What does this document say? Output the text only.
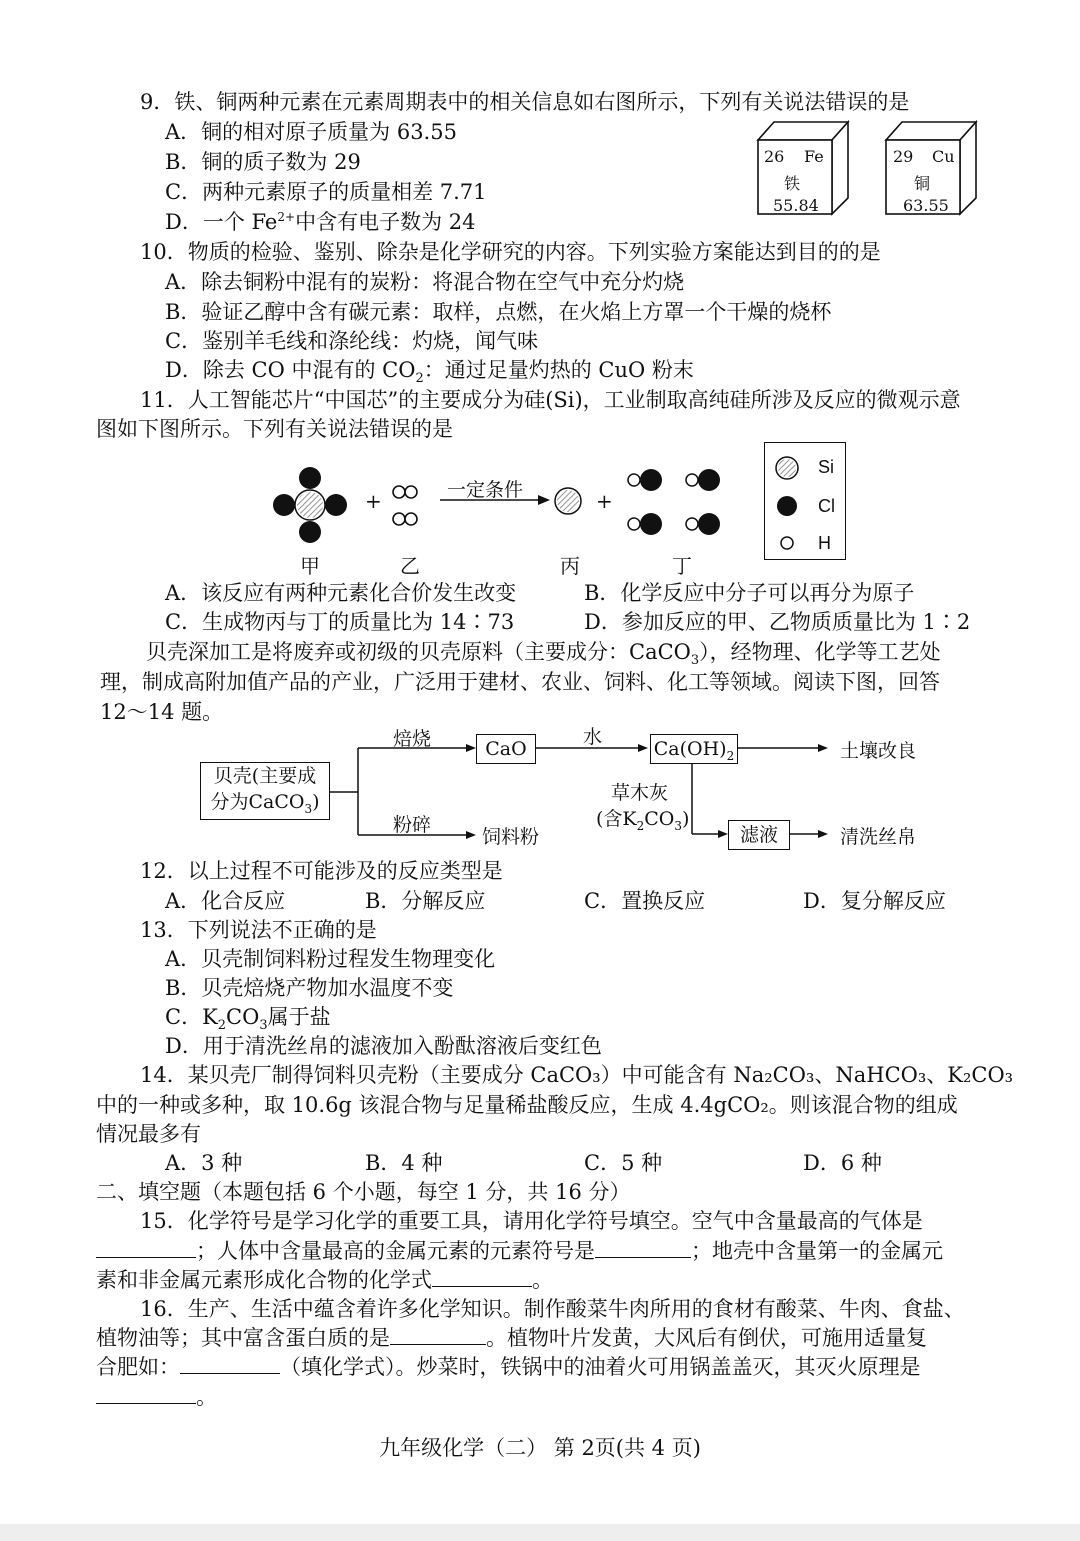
9．铁、铜两种元素在元素周期表中的相关信息如右图所示，下列有关说法错误的是
A．铜的相对原子质量为 63.55
B．铜的质子数为 29
C．两种元素原子的质量相差 7.71
D．一个 $Fe^{2+}$中含有电子数为 24
26 Fe
铁
55.84
29 Cu
铜
63.55
10．物质的检验、鉴别、除杂是化学研究的内容。下列实验方案能达到目的的是
A．除去铜粉中混有的炭粉：将混合物在空气中充分灼烧
B．验证乙醇中含有碳元素：取样，点燃，在火焰上方罩一个干燥的烧杯
C．鉴别羊毛线和涤纶线：灼烧，闻气味
D．除去 CO 中混有的 $CO_2$：通过足量灼热的 CuO 粉末
11．人工智能芯片“中国芯”的主要成分为硅(Si)，工业制取高纯硅所涉及反应的微观示意
图如下图所示。下列有关说法错误的是
+	+
一定条件
甲	乙	丙	丁
Si
Cl
H
A．该反应有两种元素化合价发生改变	B．化学反应中分子可以再分为原子
C．生成物丙与丁的质量比为 14∶73	D．参加反应的甲、乙物质质量比为 1∶2
贝壳深加工是将废弃或初级的贝壳原料（主要成分：CaCO$_3$），经物理、化学等工艺处
理，制成高附加值产品的产业，广泛用于建材、农业、饲料、化工等领域。阅读下图，回答
12～14 题。
贝壳(主要成
分为CaCO$_3$)
焙烧	CaO
水
$Ca(OH)_2$	土壤改良
草木灰
(含$K_2CO_3$)
滤液	清洗丝帛
粉碎
饲料粉
12．以上过程不可能涉及的反应类型是
A．化合反应	B．分解反应	C．置换反应	D．复分解反应
13．下列说法不正确的是
A．贝壳制饲料粉过程发生物理变化
B．贝壳焙烧产物加水温度不变
C．$K_2CO_3$属于盐
D．用于清洗丝帛的滤液加入酚酞溶液后变红色
14．某贝壳厂制得饲料贝壳粉（主要成分 CaCO₃）中可能含有 Na₂CO₃、NaHCO₃、K₂CO₃
中的一种或多种，取 10.6g 该混合物与足量稀盐酸反应，生成 4.4gCO₂。则该混合物的组成
情况最多有
A．3 种	B．4 种	C．5 种	D．6 种
二、填空题（本题包括 6 个小题，每空 1 分，共 16 分）
15．化学符号是学习化学的重要工具，请用化学符号填空。空气中含量最高的气体是
；人体中含量最高的金属元素的元素符号是	；地壳中含量第一的金属元
素和非金属元素形成化合物的化学式	。
16．生产、生活中蕴含着许多化学知识。制作酸菜牛肉所用的食材有酸菜、牛肉、食盐、
植物油等；其中富含蛋白质的是	。植物叶片发黄，大风后有倒伏，可施用适量复
合肥如：	（填化学式）。炒菜时，铁锅中的油着火可用锅盖盖灭，其灭火原理是
。
九年级化学（二） 第 2页(共 4 页)
